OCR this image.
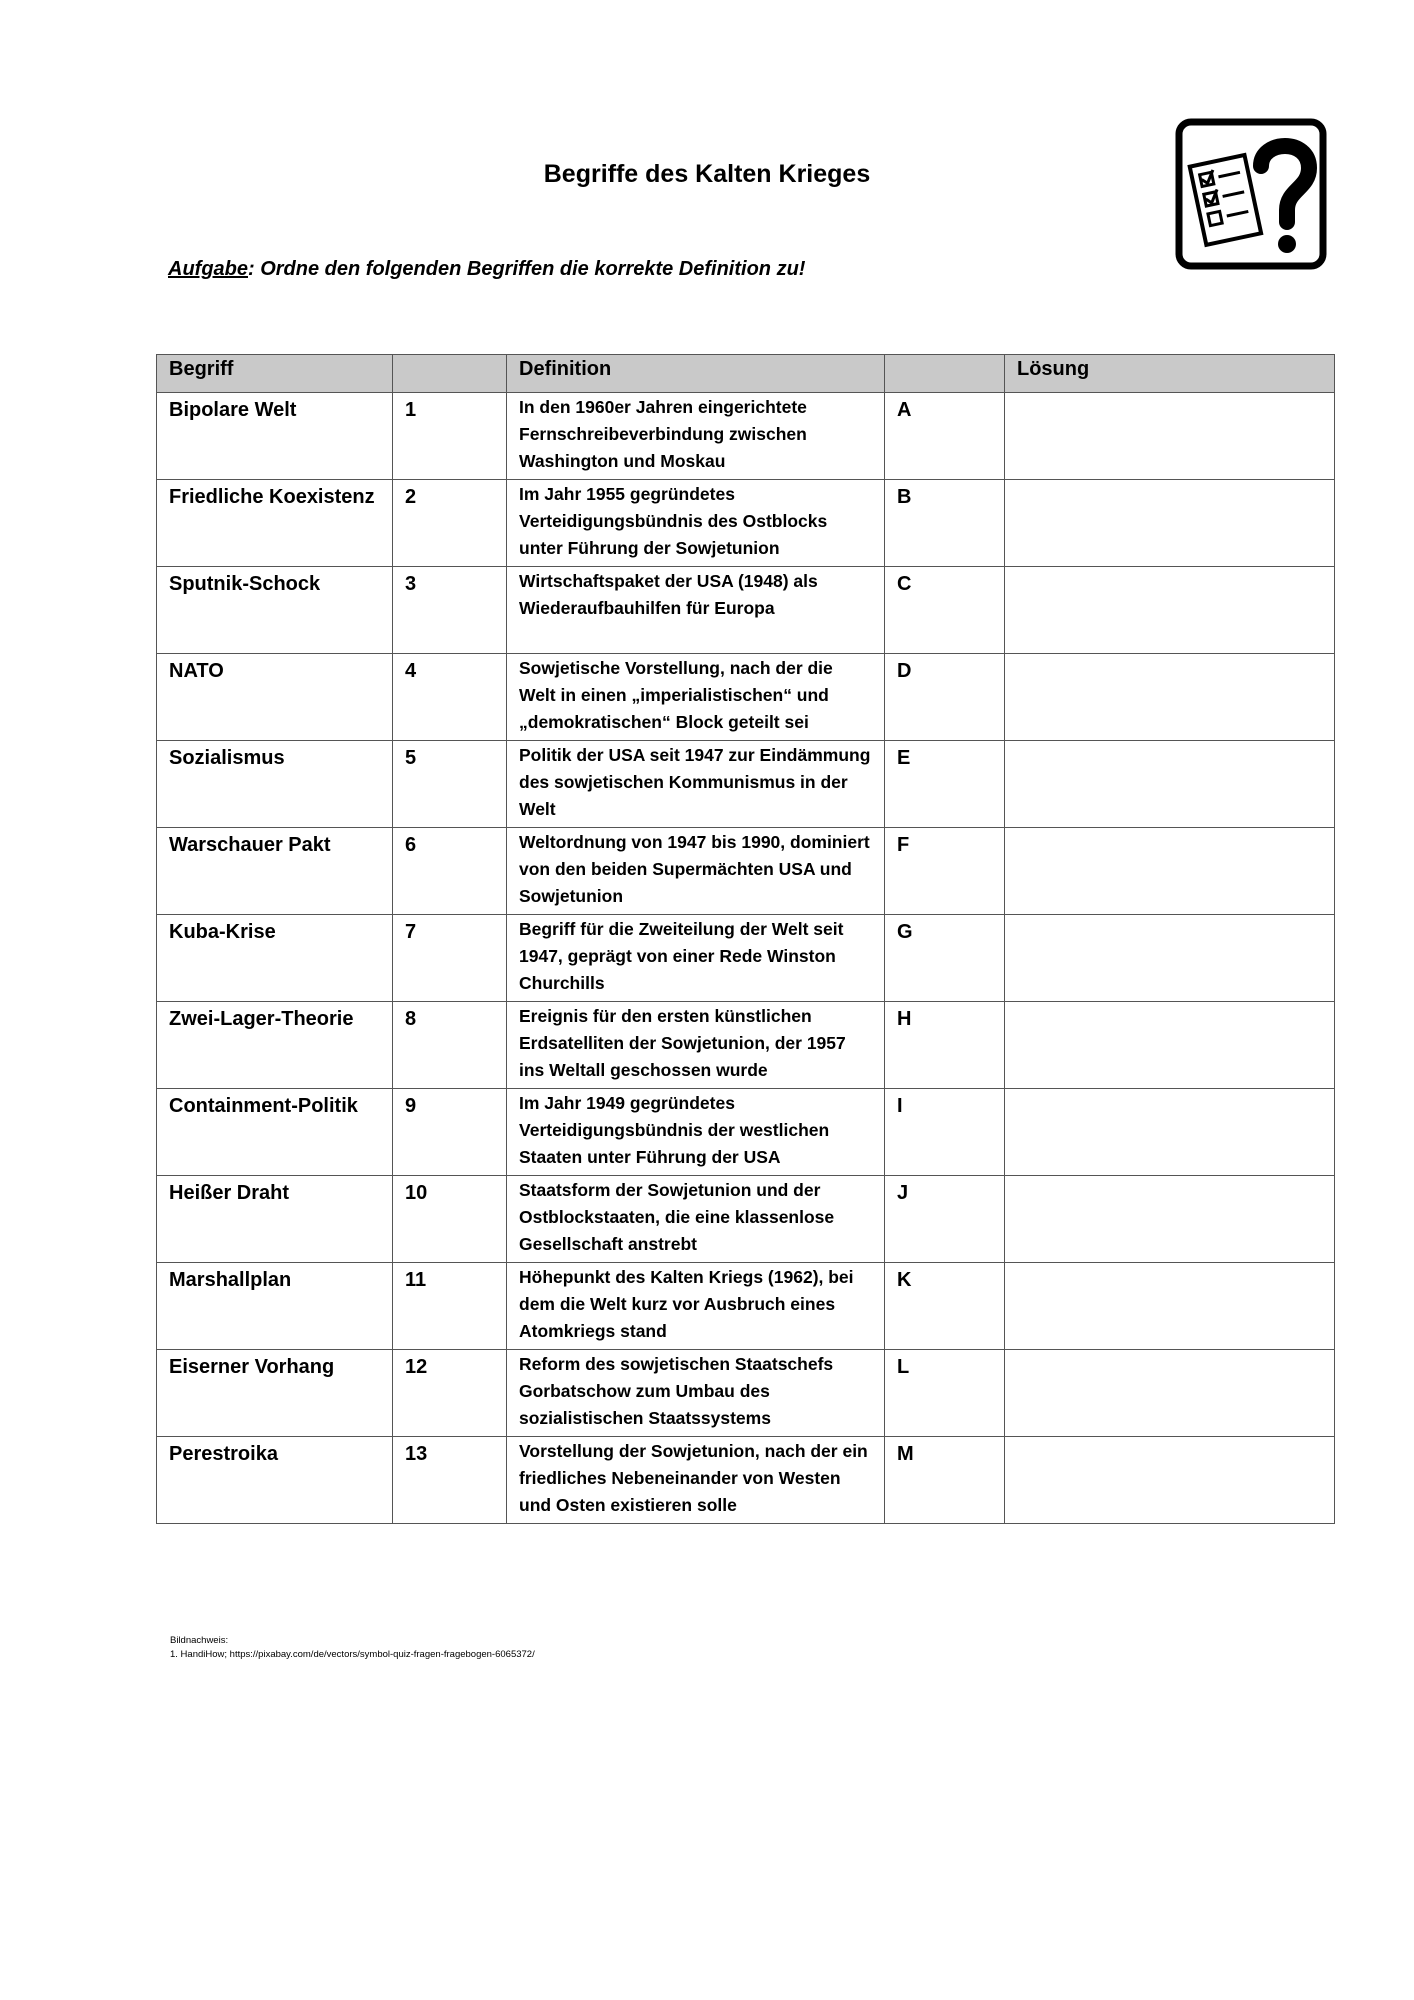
Begriffe des Kalten Krieges
Aufgabe: Ordne den folgenden Begriffen die korrekte Definition zu!
Begriff		Definition		Lösung
Bipolare Welt	1	In den 1960er Jahren eingerichtete Fernschreibeverbindung zwischen Washington und Moskau	A	
Friedliche Koexistenz	2	Im Jahr 1955 gegründetes Verteidigungsbündnis des Ostblocks unter Führung der Sowjetunion	B	
Sputnik-Schock	3	Wirtschaftspaket der USA (1948) als Wiederaufbauhilfen für Europa	C	
NATO	4	Sowjetische Vorstellung, nach der die Welt in einen „imperialistischen“ und „demokratischen“ Block geteilt sei	D	
Sozialismus	5	Politik der USA seit 1947 zur Eindämmung des sowjetischen Kommunismus in der Welt	E	
Warschauer Pakt	6	Weltordnung von 1947 bis 1990, dominiert von den beiden Supermächten USA und Sowjetunion	F	
Kuba-Krise	7	Begriff für die Zweiteilung der Welt seit 1947, geprägt von einer Rede Winston Churchills	G	
Zwei-Lager-Theorie	8	Ereignis für den ersten künstlichen Erdsatelliten der Sowjetunion, der 1957 ins Weltall geschossen wurde	H	
Containment-Politik	9	Im Jahr 1949 gegründetes Verteidigungsbündnis der westlichen Staaten unter Führung der USA	I	
Heißer Draht	10	Staatsform der Sowjetunion und der Ostblockstaaten, die eine klassenlose Gesellschaft anstrebt	J	
Marshallplan	11	Höhepunkt des Kalten Kriegs (1962), bei dem die Welt kurz vor Ausbruch eines Atomkriegs stand	K	
Eiserner Vorhang	12	Reform des sowjetischen Staatschefs Gorbatschow zum Umbau des sozialistischen Staatssystems	L	
Perestroika	13	Vorstellung der Sowjetunion, nach der ein friedliches Nebeneinander von Westen und Osten existieren solle	M	
Bildnachweis:
1. HandiHow; https://pixabay.com/de/vectors/symbol-quiz-fragen-fragebogen-6065372/
